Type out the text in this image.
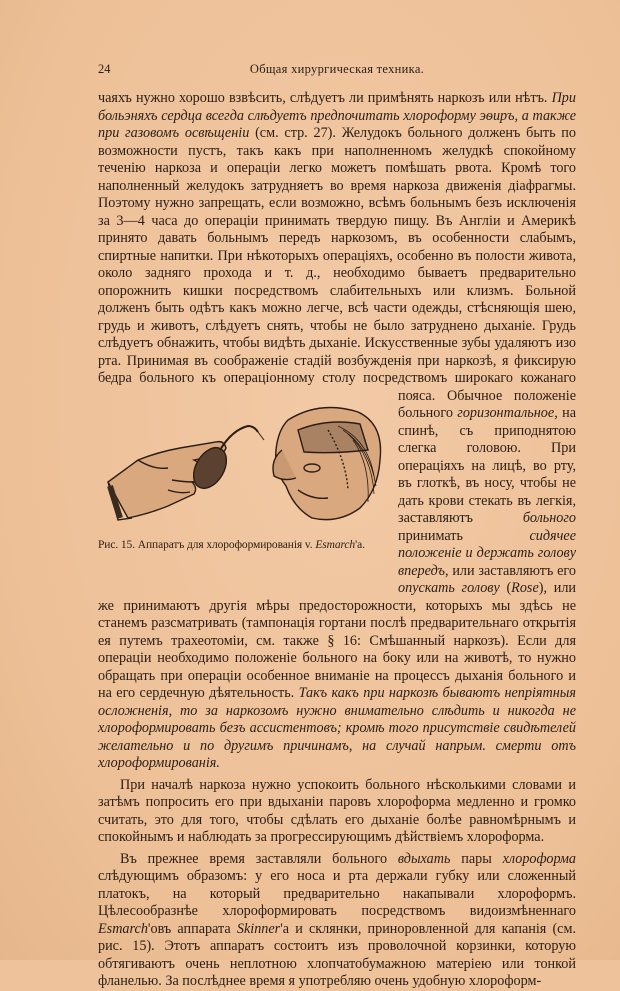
24	Общая хирургическая техника.

чаяхъ нужно хорошо взвѣсить, слѣдуетъ ли примѣнять наркозъ или нѣтъ. При больэняхъ сердца всегда слѣдуетъ предпочитать хлороформу эѳиръ, а также при газовомъ освѣщеніи (см. стр. 27). Желудокъ больного долженъ быть по возможности пустъ, такъ какъ при наполненномъ желудкѣ спокойному теченію наркоза и операціи легко можетъ помѣшать рвота. Кромѣ того наполненный желудокъ затрудняетъ во время наркоза движенія діафрагмы. Поэтому нужно запрещать, если возможно, всѣмъ больнымъ безъ исключенія за 3—4 часа до операціи принимать твердую пищу. Въ Англіи и Америкѣ принято давать больнымъ передъ наркозомъ, въ особенности слабымъ, спиртные напитки. При нѣкоторыхъ операціяхъ, особенно въ полости живота, около задняго прохода и т. д., необходимо бываетъ предварительно опорожнить кишки посредствомъ слабительныхъ или клизмъ. Больной долженъ быть одѣтъ какъ можно легче, всѣ части одежды, стѣсняющія шею, грудь и животъ, слѣдуетъ снять, чтобы не было затруднено дыханіе. Грудь слѣдуетъ обнажить, чтобы видѣть дыханіе. Искусственные зубы удаляютъ изо рта. Принимая въ соображеніе стадій возбужденія при наркозѣ, я фиксирую бедра больного къ операціонному столу посредствомъ широкаго кожанаго пояса.
Рис. 15. Аппаратъ для хлороформированія v. Esmarch'а.
Обычное положеніе больного горизонтальное, на спинѣ, съ приподнятою слегка головою. При операціяхъ на лицѣ, во рту, въ глоткѣ, въ носу, чтобы не дать крови стекать въ легкія, заставляютъ больного принимать сидячее положеніе и держать голову впередъ, или заставляютъ его опускать голову (Rose), или же принимаютъ другія мѣры предосторожности, которыхъ мы здѣсь не станемъ разсматривать (тампонація гортани послѣ предварительнаго открытія ея путемъ трахеотоміи, см. также § 16: Смѣшанный наркозъ). Если для операціи необходимо положеніе больного на боку или на животѣ, то нужно обращать при операціи особенное вниманіе на процессъ дыханія больного и на его сердечную дѣятельность. Такъ какъ при наркозѣ бываютъ непріятныя осложненія, то за наркозомъ нужно внимательно слѣдить и никогда не хлороформировать безъ ассистентовъ; кромѣ того присутствіе свидѣтелей желательно и по другимъ причинамъ, на случай напрым. смерти отъ хлороформированія.

При началѣ наркоза нужно успокоить больного нѣсколькими словами и затѣмъ попросить его при вдыханіи паровъ хлороформа медленно и громко считать, это для того, чтобы сдѣлать его дыханіе болѣе равномѣрнымъ и спокойнымъ и наблюдать за прогрессирующимъ дѣйствіемъ хлороформа.

Въ прежнее время заставляли больного вдыхать пары хлороформа слѣдующимъ образомъ: у его носа и рта держали губку или сложенный платокъ, на который предварительно накапывали хлороформъ. Цѣлесообразнѣе хлороформировать посредствомъ видоизмѣненнаго Esmarch'овъ аппарата Skinner'а и склянки, приноровленной для капанія (см. рис. 15). Этотъ аппаратъ состоитъ изъ проволочной корзинки, которую обтягиваютъ очень неплотною хлопчатобумажною матеріею или тонкой фланелью. За послѣднее время я употребляю очень удобную хлороформ-
